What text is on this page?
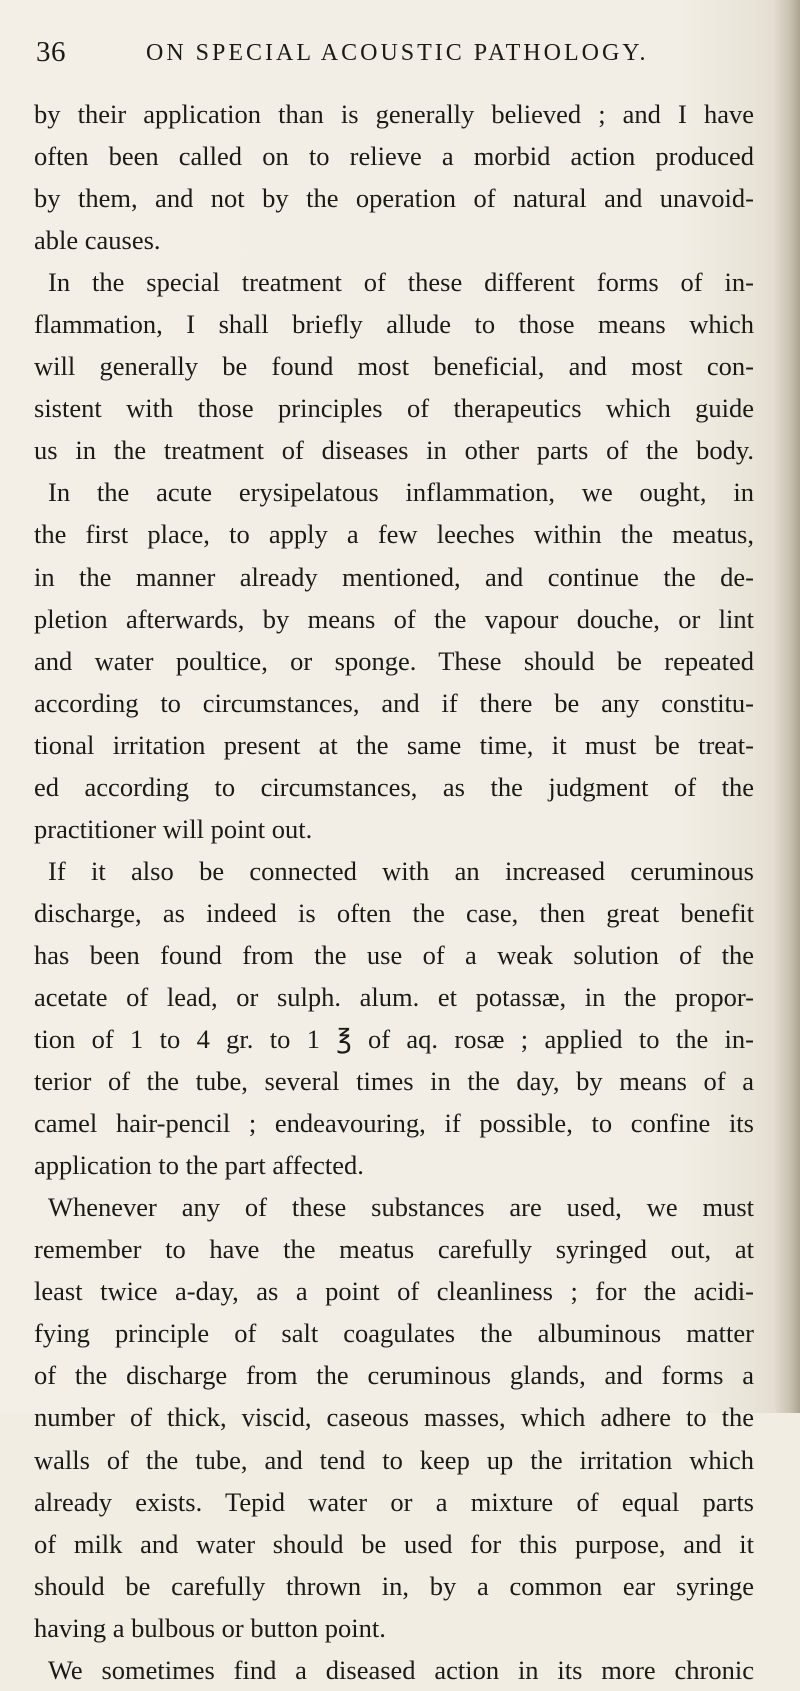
36	ON SPECIAL ACOUSTIC PATHOLOGY.
by their application than is generally believed ; and I have
often been called on to relieve a morbid action produced
by them, and not by the operation of natural and unavoid-
able causes.
In the special treatment of these different forms of in-
flammation, I shall briefly allude to those means which
will generally be found most beneficial, and most con-
sistent with those principles of therapeutics which guide
us in the treatment of diseases in other parts of the body.
In the acute erysipelatous inflammation, we ought, in
the first place, to apply a few leeches within the meatus,
in the manner already mentioned, and continue the de-
pletion afterwards, by means of the vapour douche, or lint
and water poultice, or sponge. These should be repeated
according to circumstances, and if there be any constitu-
tional irritation present at the same time, it must be treat-
ed according to circumstances, as the judgment of the
practitioner will point out.
If it also be connected with an increased ceruminous
discharge, as indeed is often the case, then great benefit
has been found from the use of a weak solution of the
acetate of lead, or sulph. alum. et potassæ, in the propor-
tion of 1 to 4 gr. to 1 ℥ of aq. rosæ ; applied to the in-
terior of the tube, several times in the day, by means of a
camel hair-pencil ; endeavouring, if possible, to confine its
application to the part affected.
Whenever any of these substances are used, we must
remember to have the meatus carefully syringed out, at
least twice a-day, as a point of cleanliness ; for the acidi-
fying principle of salt coagulates the albuminous matter
of the discharge from the ceruminous glands, and forms a
number of thick, viscid, caseous masses, which adhere to the
walls of the tube, and tend to keep up the irritation which
already exists. Tepid water or a mixture of equal parts
of milk and water should be used for this purpose, and it
should be carefully thrown in, by a common ear syringe
having a bulbous or button point.
We sometimes find a diseased action in its more chronic
